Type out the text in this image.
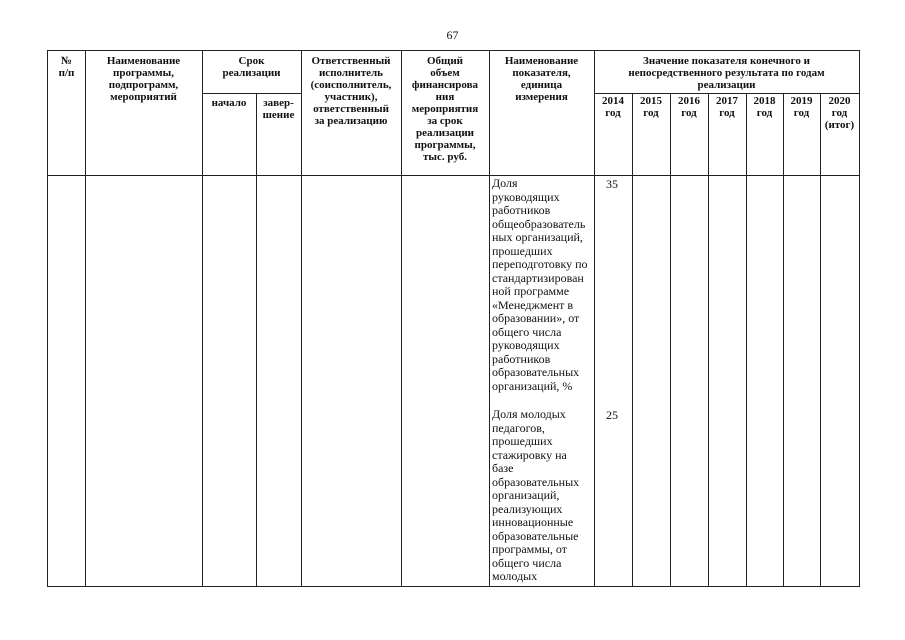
67
№
п/п
Наименование
программы,
подпрограмм,
мероприятий
Срок
реализации
начало	завер-
шение
Ответственный
исполнитель
(соисполнитель,
участник),
ответственный
за реализацию
Общий
объем
финансирова
ния
мероприятия
за срок
реализации
программы,
тыс. руб.
Наименование
показателя,
единица
измерения
Значение показателя конечного и
непосредственного результата по годам
реализации
2014
год
2015
год
2016
год
2017
год
2018
год
2019
год
2020
год
(итог)
Доля
руководящих
работников
общеобразователь
ных организаций,
прошедших
переподготовку по
стандартизирован
ной программе
«Менеджмент в
образовании», от
общего числа
руководящих
работников
образовательных
организаций, %
35
Доля молодых
педагогов,
прошедших
стажировку на
базе
образовательных
организаций,
реализующих
инновационные
образовательные
программы, от
общего числа
молодых
25
